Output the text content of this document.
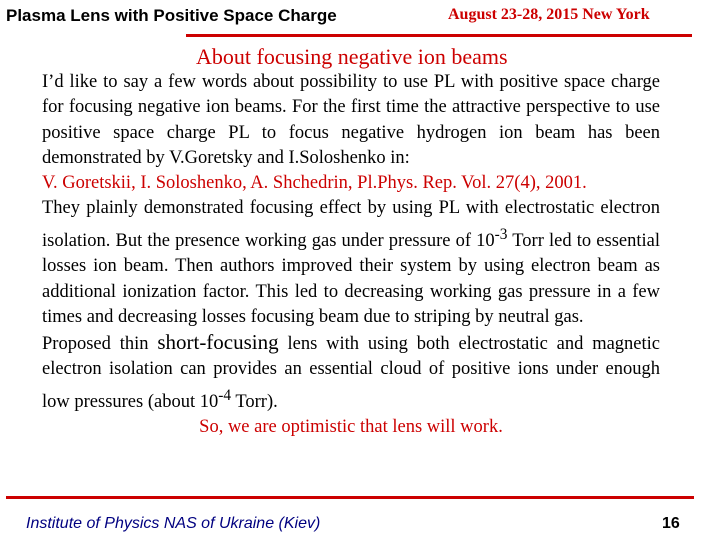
Plasma Lens with Positive Space Charge	August 23-28, 2015 New York
About focusing negative ion beams

I’d like to say a few words about possibility to use PL with positive space charge for focusing negative ion beams. For the first time the attractive perspective to use positive space charge PL to focus negative hydrogen ion beam has been demonstrated by V.Goretsky and I.Soloshenko in:

V. Goretskii, I. Soloshenko, A. Shchedrin, Pl.Phys. Rep. Vol. 27(4), 2001.

They plainly demonstrated focusing effect by using PL with electrostatic electron isolation. But the presence working gas under pressure of $10^{-3}$ Torr led to essential losses ion beam. Then authors improved their system by using electron beam as additional ionization factor. This led to decreasing working gas pressure in a few times and decreasing losses focusing beam due to striping by neutral gas.

Proposed thin short-focusing lens with using both electrostatic and magnetic electron isolation can provides an essential cloud of positive ions under enough low pressures (about $10^{-4}$ Torr).

So, we are optimistic that lens will work.

Institute of Physics NAS of Ukraine (Kiev)	16
